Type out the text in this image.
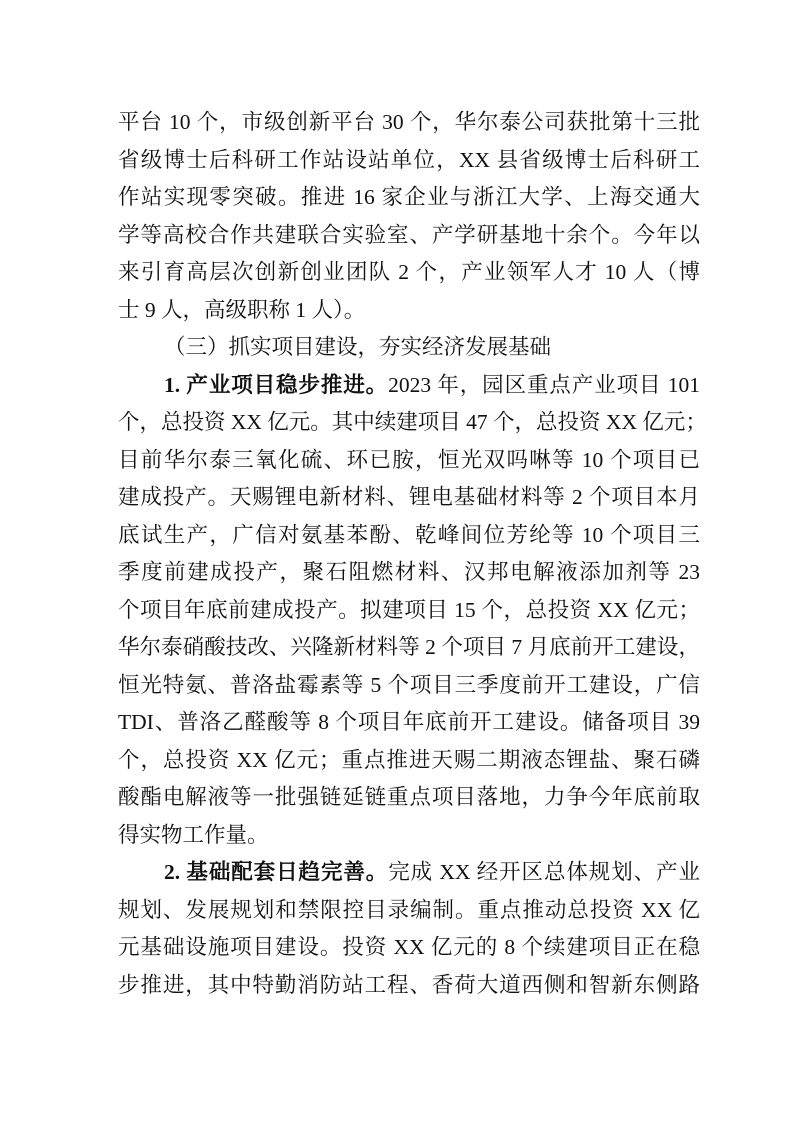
平台 10 个，市级创新平台 30 个，华尔泰公司获批第十三批
省级博士后科研工作站设站单位，XX 县省级博士后科研工
作站实现零突破。推进 16 家企业与浙江大学、上海交通大
学等高校合作共建联合实验室、产学研基地十余个。今年以
来引育高层次创新创业团队 2 个，产业领军人才 10 人（博
士 9 人，高级职称 1 人）。
（三）抓实项目建设，夯实经济发展基础
1. 产业项目稳步推进。2023 年，园区重点产业项目 101
个，总投资 XX 亿元。其中续建项目 47 个，总投资 XX 亿元；
目前华尔泰三氧化硫、环已胺，恒光双吗啉等 10 个项目已
建成投产。天赐锂电新材料、锂电基础材料等 2 个项目本月
底试生产，广信对氨基苯酚、乾峰间位芳纶等 10 个项目三
季度前建成投产，聚石阻燃材料、汉邦电解液添加剂等 23
个项目年底前建成投产。拟建项目 15 个，总投资 XX 亿元；
华尔泰硝酸技改、兴隆新材料等 2 个项目 7 月底前开工建设，
恒光特氨、普洛盐霉素等 5 个项目三季度前开工建设，广信
TDI、普洛乙醛酸等 8 个项目年底前开工建设。储备项目 39
个，总投资 XX 亿元；重点推进天赐二期液态锂盐、聚石磷
酸酯电解液等一批强链延链重点项目落地，力争今年底前取
得实物工作量。
2. 基础配套日趋完善。完成 XX 经开区总体规划、产业
规划、发展规划和禁限控目录编制。重点推动总投资 XX 亿
元基础设施项目建设。投资 XX 亿元的 8 个续建项目正在稳
步推进，其中特勤消防站工程、香荷大道西侧和智新东侧路
